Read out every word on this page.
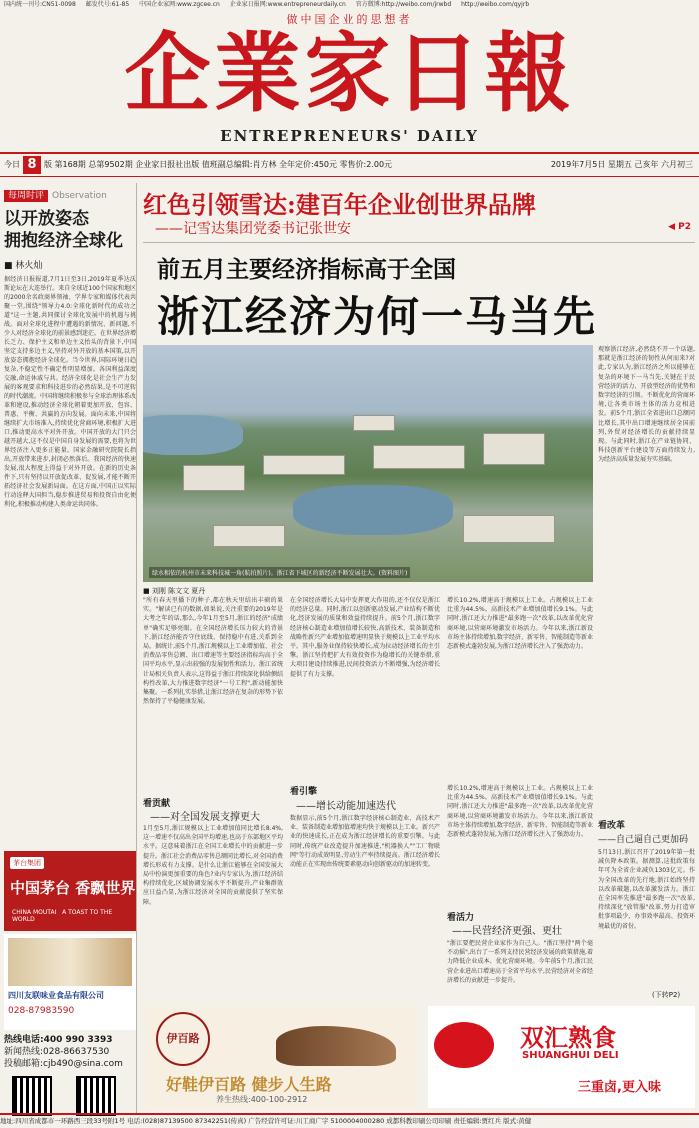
国内统一刊号:CN51-0098 邮发代号:61-85 中国企业家网:www.zgcee.cn 企业家日报网:www.entrepreneurdaily.cn 官方微博:http://weibo.com/jrwbd http://weibo.com/qyjrb
做中国企业的思想者
企業家日報
ENTREPRENEURS' DAILY
今日 8 版 第168期 总第9502期 企业家日报社出版 值班副总编辑:肖方林 全年定价:450元 零售价:2.00元	2019年7月5日 星期五 己亥年 六月初三
每周时评 Observation
以开放姿态
拥抱经济全球化
■ 林火灿
据经济日报报道,7月1日至3日,2019年夏季达沃斯论坛在大连举行。来自全球近100个国家和地区的2000余名政商界领袖、学界专家和媒体代表共聚一堂,围绕"领导力4.0:全球化新时代的成功之道"这一主题,共同探讨全球化发展中的机遇与挑战。面对全球化进程中遭遇的新情况、新问题,不少人对经济全球化的前景感到迷茫。在世界经济增长乏力、保护主义和单边主义抬头的背景下,中国坚定支持多边主义,坚持对外开放的基本国策,以开放姿态拥抱经济全球化。当今世界,国际环境日趋复杂,不稳定性不确定性明显增加。各国利益深度交融,命运休戚与共。经济全球化是社会生产力发展的客观要求和科技进步的必然结果,是不可逆转的时代潮流。中国将继续积极参与全球治理体系改革和建设,推动经济全球化朝着更加开放、包容、普惠、平衡、共赢的方向发展。面向未来,中国将继续扩大市场准入,持续优化营商环境,积极扩大进口,推动更高水平对外开放。中国开放的大门只会越开越大,这不仅是中国自身发展的需要,也将为世界经济注入更多正能量。国家金融研究院院长指出,开放带来进步,封闭必然落后。我国经济的快速发展,很大程度上得益于对外开放。在新的历史条件下,只有坚持以开放促改革、促发展,才能不断开拓经济社会发展新局面。在这方面,中国正以实际行动诠释大国担当,稳步推进贸易和投资自由化便利化,积极推动构建人类命运共同体。
茅台集团
中国茅台 香飘世界
CHINA MOUTAI A TOAST TO THE WORLD
四川友联味业食品有限公司
028-87983590
热线电话:400 990 3393
新闻热线:028-86637530
投稿邮箱:cjb490@sina.com
红色引领雪达:建百年企业创世界品牌
——记雪达集团党委书记张世安	◀ P2
前五月主要经济指标高于全国
浙江经济为何一马当先
绿水相依的杭州市未来科技城一角(航拍照片)。浙江省下城区的新经济不断发展壮大。(资料图片)
■ 刘刚 陈文文 夏丹
观察浙江经济,必然绕不开一个话题,那就是浙江经济的韧性从何而来?对此,专家认为,浙江经济之所以能够在复杂的环境下一马当先,关键在于民营经济的活力、开放型经济的优势和数字经济的引领。不断优化的营商环境,让各类市场主体的活力竞相迸发。前5个月,浙江全省进出口总额同比增长,其中出口增速继续居全国前列,外贸对经济增长的贡献持续显现。与此同时,浙江在产业链协同、科技创新平台建设等方面持续发力,为经济高质量发展夯实基础。
看改革
——自己逼自己更加码
5月13日,浙江召开了2019年第一批减负降本政策。据测算,这批政策每年可为全省企业减负1303亿元。作为全国改革的先行地,浙江始终坚持以改革破题,以改革激发活力。浙江在全国率先推进"最多跑一次"改革,持续深化"放管服"改革,努力打造审批事项最少、办事效率最高、投资环境最优的省份。
(下转P2)
"所有春天里播下的种子,都在秋天里结出丰硕的果实。"解读已有的数据,如果说,关注重要的2019年是大考之年的话,那么,今年1月至5月,浙江的经济"成绩单"确实足够亮眼。在全国经济增长压力较大的背景下,浙江经济能否守住底线、保持稳中有进,关系到全局。据统计,前5个月,浙江规模以上工业增加值、社会消费品零售总额、出口增速等主要经济指标均高于全国平均水平,显示出较强的发展韧性和活力。浙江省统计局相关负责人表示,这得益于浙江持续深化供给侧结构性改革,大力推进数字经济"一号工程",新动能加快集聚。一系列扎实举措,让浙江经济在复杂的形势下依然保持了平稳健康发展。
在全国经济增长大局中发挥更大作用的,还不仅仅是浙江的经济总量。同时,浙江以创新驱动发展,产业结构不断优化,经济发展的质量和效益持续提升。前5个月,浙江数字经济核心制造业增加值增长较快,高新技术、装备制造和战略性新兴产业增加值增速明显快于规模以上工业平均水平。其中,服务业保持较快增长,成为拉动经济增长的主引擎。浙江坚持把扩大有效投资作为稳增长的关键举措,重大项目建设持续推进,民间投资活力不断增强,为经济增长提供了有力支撑。
增长10.2%,增速高于规模以上工业。占规模以上工业比重为44.5%。高新技术产业增加值增长9.1%。与此同时,浙江还大力推进"最多跑一次"改革,以改革优化营商环境,以营商环境激发市场活力。今年以来,浙江新设市场主体持续增加,数字经济、新零售、智能制造等新业态新模式蓬勃发展,为浙江经济增长注入了强劲动力。
看贡献
——对全国发展支撑更大
1月至5月,浙江规模以上工业增加值同比增长8.4%,这一增速不仅高出全国平均增速,也高于东部地区平均水平。这意味着浙江在全国工业增长中的贡献进一步提升。浙江社会消费品零售总额同比增长,对全国消费增长形成有力支撑。是什么让浙江能够在全国发展大局中扮演更加重要的角色?业内专家认为,浙江经济结构持续优化,区域协调发展水平不断提升,产业集群效应日益凸显,为浙江经济对全国的贡献提供了坚实保障。
看引擎
——增长动能加速迭代
数据显示,前5个月,浙江数字经济核心制造业、高技术产业、装备制造业增加值增速均快于规模以上工业。新兴产业的快速成长,正在成为浙江经济增长的重要引擎。与此同时,传统产业改造提升加速推进,"机器换人""工厂物联网"等行动成效明显,劳动生产率持续提高。浙江经济增长动能正在实现由传统要素驱动向创新驱动的加速转变。
看活力
——民营经济更强、更壮
"浙江要把民营企业家作为自己人。"浙江坚持"两个毫不动摇",出台了一系列支持民营经济发展的政策措施,着力降低企业成本、优化营商环境。今年前5个月,浙江民营企业进出口增速高于全省平均水平,民营经济对全省经济增长的贡献进一步提升。
增长10.2%,增速高于规模以上工业。占规模以上工业比重为44.5%。高新技术产业增加值增长9.1%。与此同时,浙江还大力推进"最多跑一次"改革,以改革优化营商环境,以营商环境激发市场活力。今年以来,浙江新设市场主体持续增加,数字经济、新零售、智能制造等新业态新模式蓬勃发展,为浙江经济增长注入了强劲动力。
伊百路
好鞋伊百路 健步人生路
养生热线:400-100-2912
双汇熟食
SHUANGHUI DELI
三重卤,更入味
地址:四川省成都市一环路西三段33号附1号 电话:(028)87139500 87342251(传真) 广告经营许可证:川工商广字 5100004000280 成都科教印刷公司印刷 责任编辑:贾红兵 版式:黄健
